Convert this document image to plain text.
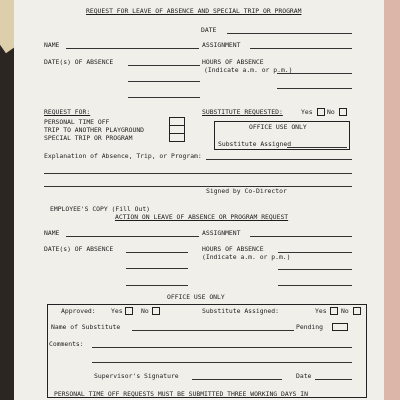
REQUEST FOR LEAVE OF ABSENCE AND SPECIAL TRIP OR PROGRAM
DATE
NAME	ASSIGNMENT
DATE(s) OF ABSENCE	HOURS OF ABSENCE
(Indicate a.m. or p.m.)
REQUEST FOR:
PERSONAL TIME OFF
TRIP TO ANOTHER PLAYGROUND
SPECIAL TRIP OR PROGRAM
SUBSTITUTE REQUESTED:	Yes No
OFFICE USE ONLY
Substitute Assigned
Explanation of Absence, Trip, or Program:
Signed by Co-Director
EMPLOYEE'S COPY (Fill Out)
ACTION ON LEAVE OF ABSENCE OR PROGRAM REQUEST
NAME	ASSIGNMENT
DATE(s) OF ABSENCE	HOURS OF ABSENCE
(Indicate a.m. or p.m.)
OFFICE USE ONLY
Approved: Yes	No	Substitute Assigned:	Yes No
Name of Substitute	Pending
Comments:
Supervisor's Signature	Date
PERSONAL TIME OFF REQUESTS MUST BE SUBMITTED THREE WORKING DAYS IN
